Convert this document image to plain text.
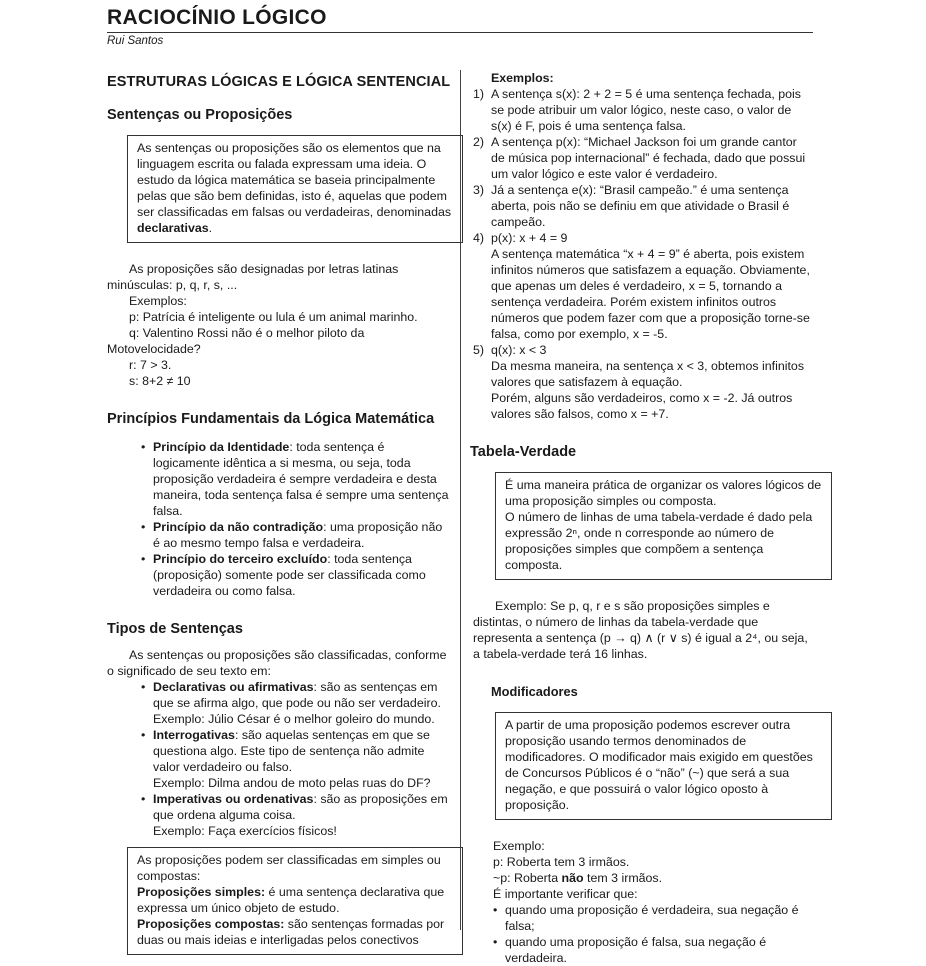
RACIOCÍNIO LÓGICO
Rui Santos
ESTRUTURAS LÓGICAS E LÓGICA SENTENCIAL
Sentenças ou Proposições

As sentenças ou proposições são os elementos que na linguagem escrita ou falada expressam uma ideia. O estudo da lógica matemática se baseia principalmente pelas que são bem definidas, isto é, aquelas que podem ser classificadas em falsas ou verdadeiras, denominadas declarativas.

As proposições são designadas por letras latinas minúsculas: p, q, r, s, ...

Exemplos:

p: Patrícia é inteligente ou lula é um animal marinho.

q: Valentino Rossi não é o melhor piloto da Motovelocidade?

r: 7 > 3.

s: 8+2 ≠ 10

Princípios Fundamentais da Lógica Matemática
• Princípio da Identidade: toda sentença é logicamente idêntica a si mesma, ou seja, toda proposição verdadeira é sempre verdadeira e desta maneira, toda sentença falsa é sempre uma sentença falsa.
• Princípio da não contradição: uma proposição não é ao mesmo tempo falsa e verdadeira.
• Princípio do terceiro excluído: toda sentença (proposição) somente pode ser classificada como verdadeira ou como falsa.
Tipos de Sentenças

As sentenças ou proposições são classificadas, conforme o significado de seu texto em:

• Declarativas ou afirmativas: são as sentenças em que se afirma algo, que pode ou não ser verdadeiro.
Exemplo: Júlio César é o melhor goleiro do mundo.
• Interrogativas: são aquelas sentenças em que se questiona algo. Este tipo de sentença não admite valor verdadeiro ou falso.
Exemplo: Dilma andou de moto pelas ruas do DF?
• Imperativas ou ordenativas: são as proposições em que ordena alguma coisa.
Exemplo: Faça exercícios físicos!

As proposições podem ser classificadas em simples ou compostas:

Proposições simples: é uma sentença declarativa que expressa um único objeto de estudo.

Proposições compostas: são sentenças formadas por duas ou mais ideias e interligadas pelos conectivos

Exemplos:

1) A sentença s(x): 2 + 2 = 5 é uma sentença fechada, pois se pode atribuir um valor lógico, neste caso, o valor de s(x) é F, pois é uma sentença falsa.
2) A sentença p(x): “Michael Jackson foi um grande cantor de música pop internacional” é fechada, dado que possui um valor lógico e este valor é verdadeiro.
3) Já a sentença e(x): “Brasil campeão.” é uma sentença aberta, pois não se definiu em que atividade o Brasil é campeão.
4) p(x): x + 4 = 9
A sentença matemática “x + 4 = 9” é aberta, pois existem infinitos números que satisfazem a equação. Obviamente, que apenas um deles é verdadeiro, x = 5, tornando a sentença verdadeira. Porém existem infinitos outros números que podem fazer com que a proposição torne-se falsa, como por exemplo, x = -5.
5) q(x): x < 3
Da mesma maneira, na sentença x < 3, obtemos infinitos valores que satisfazem à equação.
Porém, alguns são verdadeiros, como x = -2. Já outros valores são falsos, como x = +7.
Tabela-Verdade

É uma maneira prática de organizar os valores lógicos de uma proposição simples ou composta.

O número de linhas de uma tabela-verdade é dado pela expressão 2ⁿ, onde n corresponde ao número de proposições simples que compõem a sentença composta.

Exemplo: Se p, q, r e s são proposições simples e distintas, o número de linhas da tabela-verdade que representa a sentença (p → q) ∧ (r ∨ s) é igual a 2⁴, ou seja, a tabela-verdade terá 16 linhas.

Modificadores

A partir de uma proposição podemos escrever outra proposição usando termos denominados de modificadores. O modificador mais exigido em questões de Concursos Públicos é o “não” (~) que será a sua negação, e que possuirá o valor lógico oposto à proposição.

Exemplo:

p: Roberta tem 3 irmãos.

~p: Roberta não tem 3 irmãos.

É importante verificar que:

• quando uma proposição é verdadeira, sua negação é falsa;
• quando uma proposição é falsa, sua negação é verdadeira.
